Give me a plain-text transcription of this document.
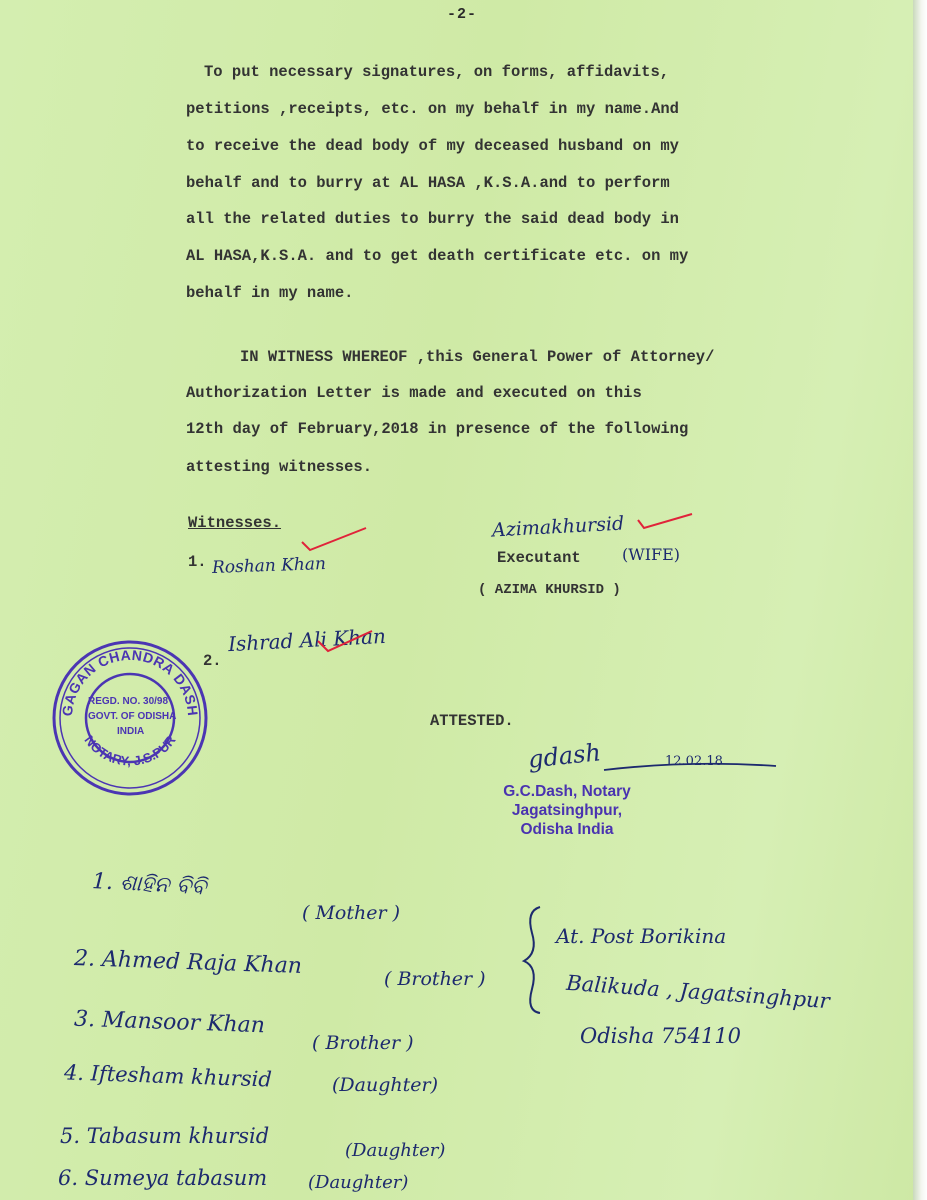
-2-
To put necessary signatures, on forms, affidavits,
petitions ,receipts, etc. on my behalf in my name.And
to receive the dead body of my deceased husband on my
behalf and to burry at AL HASA ,K.S.A.and to perform
all the related duties to burry the said dead body in
AL HASA,K.S.A. and to get death certificate etc. on my
behalf in my name.
IN WITNESS WHEREOF ,this General Power of Attorney/
Authorization Letter is made and executed on this
12th day of February,2018 in presence of the following
attesting witnesses.
Witnesses.
1. Roshan Khan
2.
Ishrad Ali Khan
Azimakhursid
Executant	(WIFE)
( AZIMA KHURSID )
GAGAN CHANDRA DASH
NOTARY, J.S.PUR
REGD. NO. 30/98
GOVT. OF ODISHA
INDIA
ATTESTED.
gdash	12.02.18
G.C.Dash, Notary
Jagatsinghpur,
Odisha India
1. ଶାହିନ ବିବି
( Mother )
2. Ahmed Raja Khan
( Brother )
3. Mansoor Khan
( Brother )
4. Iftesham khursid	(Daughter)
5. Tabasum khursid
(Daughter)
6. Sumeya tabasum (Daughter)
At. Post Borikina
Balikuda , Jagatsinghpur
Odisha 754110
